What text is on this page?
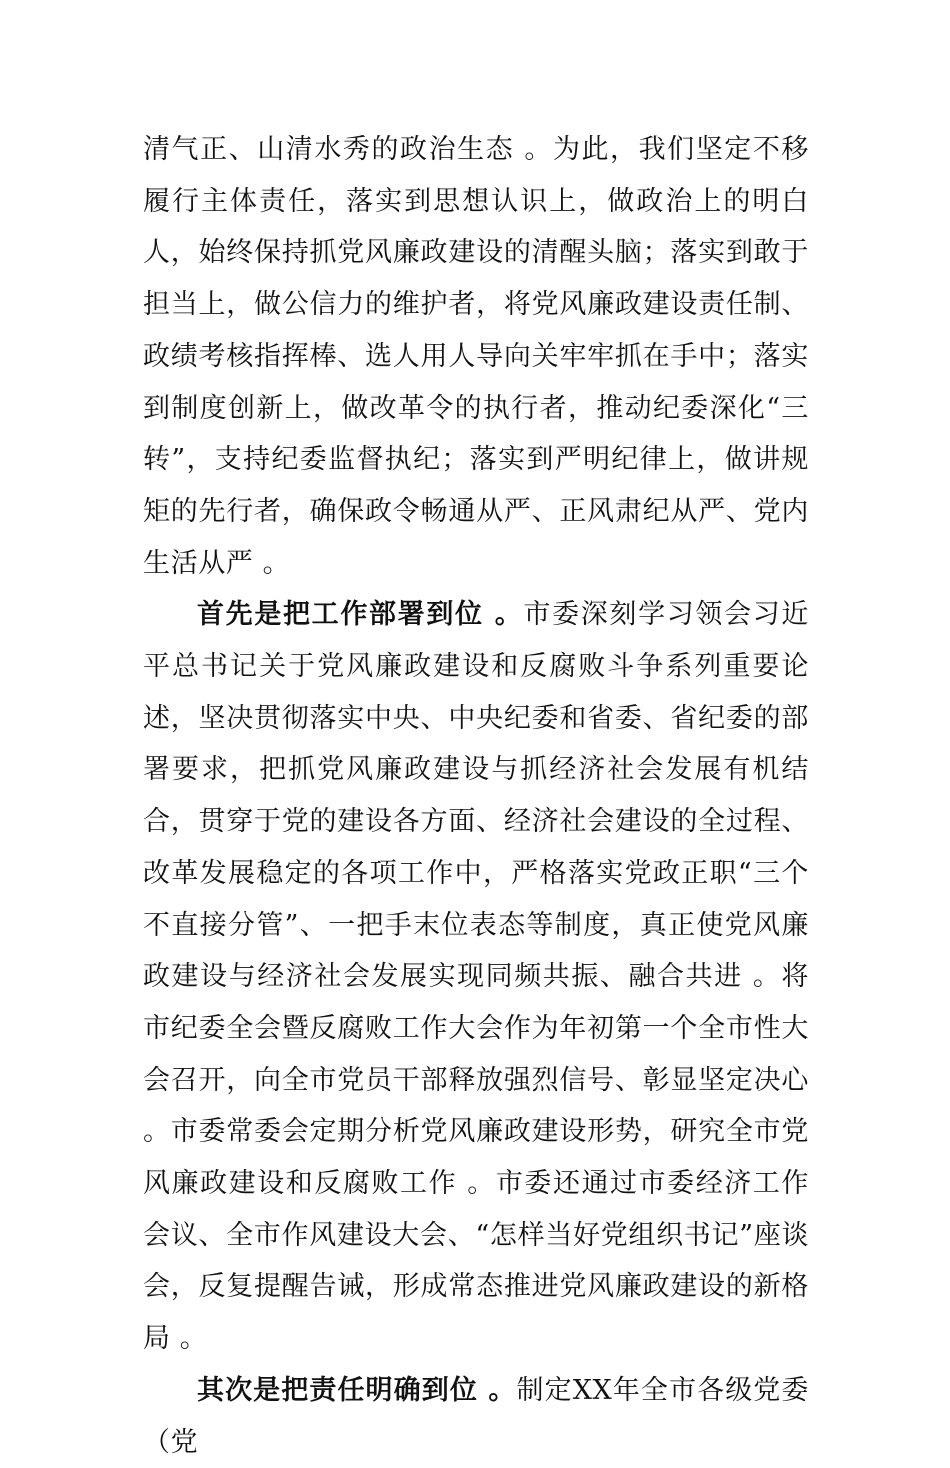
清气正、山清水秀的政治生态 。为此，我们坚定不移履行主体责任，落实到思想认识上，做政治上的明白人，始终保持抓党风廉政建设的清醒头脑；落实到敢于担当上，做公信力的维护者，将党风廉政建设责任制、政绩考核指挥棒、选人用人导向关牢牢抓在手中；落实到制度创新上，做改革令的执行者，推动纪委深化“三转”，支持纪委监督执纪；落实到严明纪律上，做讲规矩的先行者，确保政令畅通从严、正风肃纪从严、党内生活从严 。

首先是把工作部署到位 。市委深刻学习领会习近平总书记关于党风廉政建设和反腐败斗争系列重要论述，坚决贯彻落实中央、中央纪委和省委、省纪委的部署要求，把抓党风廉政建设与抓经济社会发展有机结合，贯穿于党的建设各方面、经济社会建设的全过程、改革发展稳定的各项工作中，严格落实党政正职“三个不直接分管”、一把手末位表态等制度，真正使党风廉政建设与经济社会发展实现同频共振、融合共进 。将市纪委全会暨反腐败工作大会作为年初第一个全市性大会召开，向全市党员干部释放强烈信号、彰显坚定决心 。市委常委会定期分析党风廉政建设形势，研究全市党风廉政建设和反腐败工作 。市委还通过市委经济工作会议、全市作风建设大会、“怎样当好党组织书记”座谈会，反复提醒告诫，形成常态推进党风廉政建设的新格局 。

其次是把责任明确到位 。制定XX年全市各级党委（党
